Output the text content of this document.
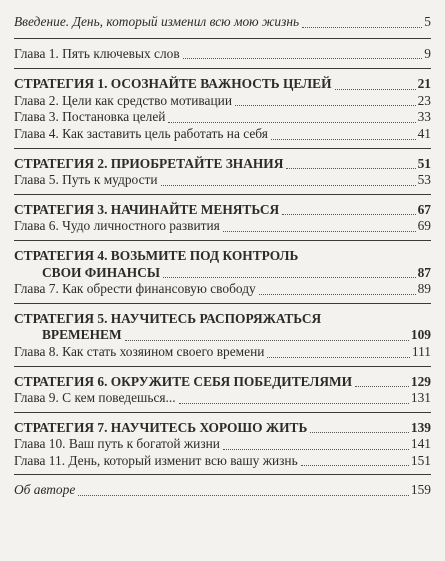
Введение. День, который изменил всю мою жизнь	5
Глава 1. Пять ключевых слов	9
СТРАТЕГИЯ 1. ОСОЗНАЙТЕ ВАЖНОСТЬ ЦЕЛЕЙ	21
Глава 2. Цели как средство мотивации	23
Глава 3. Постановка целей	33
Глава 4. Как заставить цель работать на себя	41
СТРАТЕГИЯ 2. ПРИОБРЕТАЙТЕ ЗНАНИЯ	51
Глава 5. Путь к мудрости	53
СТРАТЕГИЯ 3. НАЧИНАЙТЕ МЕНЯТЬСЯ	67
Глава 6. Чудо личностного развития	69
СТРАТЕГИЯ 4. ВОЗЬМИТЕ ПОД КОНТРОЛЬ
СВОИ ФИНАНСЫ	87
Глава 7. Как обрести финансовую свободу	89
СТРАТЕГИЯ 5. НАУЧИТЕСЬ РАСПОРЯЖАТЬСЯ
ВРЕМЕНЕМ	109
Глава 8. Как стать хозяином своего времени	111
СТРАТЕГИЯ 6. ОКРУЖИТЕ СЕБЯ ПОБЕДИТЕЛЯМИ	129
Глава 9. С кем поведешься...	131
СТРАТЕГИЯ 7. НАУЧИТЕСЬ ХОРОШО ЖИТЬ	139
Глава 10. Ваш путь к богатой жизни	141
Глава 11. День, который изменит всю вашу жизнь	151
Об авторе	159
